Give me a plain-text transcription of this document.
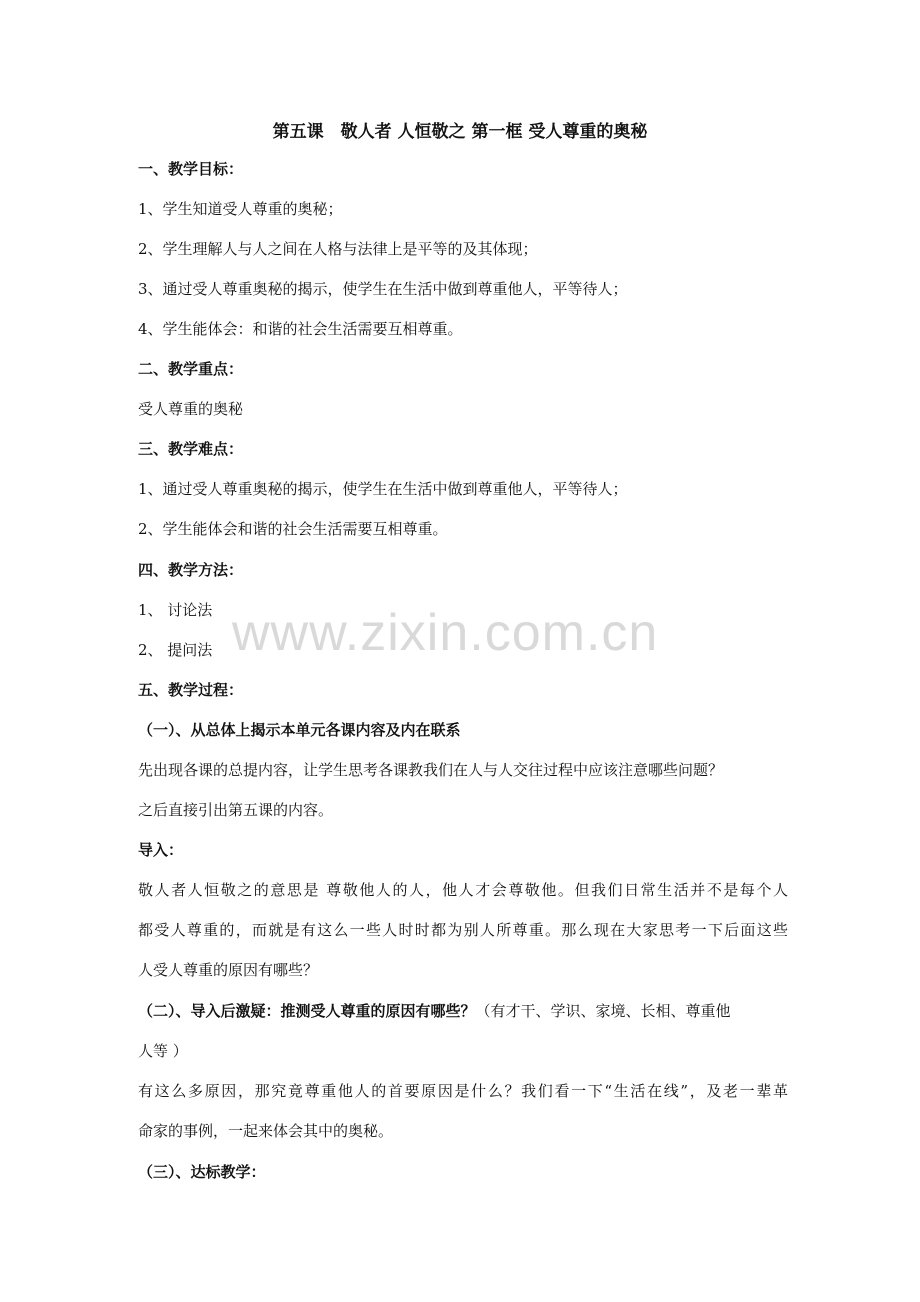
第五课　敬人者 人恒敬之 第一框 受人尊重的奥秘
一、教学目标：
1、学生知道受人尊重的奥秘；
2、学生理解人与人之间在人格与法律上是平等的及其体现；
3、通过受人尊重奥秘的揭示，使学生在生活中做到尊重他人，平等待人；
4、学生能体会：和谐的社会生活需要互相尊重。
二、教学重点：
受人尊重的奥秘
三、教学难点：
1、通过受人尊重奥秘的揭示，使学生在生活中做到尊重他人，平等待人；
2、学生能体会和谐的社会生活需要互相尊重。
四、教学方法：
1、 讨论法
2、 提问法
五、教学过程：
（一）、从总体上揭示本单元各课内容及内在联系
先出现各课的总提内容，让学生思考各课教我们在人与人交往过程中应该注意哪些问题？
之后直接引出第五课的内容。
导入：
敬人者人恒敬之的意思是 尊敬他人的人，他人才会尊敬他。但我们日常生活并不是每个人
都受人尊重的，而就是有这么一些人时时都为别人所尊重。那么现在大家思考一下后面这些
人受人尊重的原因有哪些？
（二）、导入后激疑：推测受人尊重的原因有哪些？（有才干、学识、家境、长相、尊重他
人等 ）
有这么多原因，那究竟尊重他人的首要原因是什么？我们看一下“生活在线”，及老一辈革
命家的事例，一起来体会其中的奥秘。
（三）、达标教学：
www.zixin.com.cn
